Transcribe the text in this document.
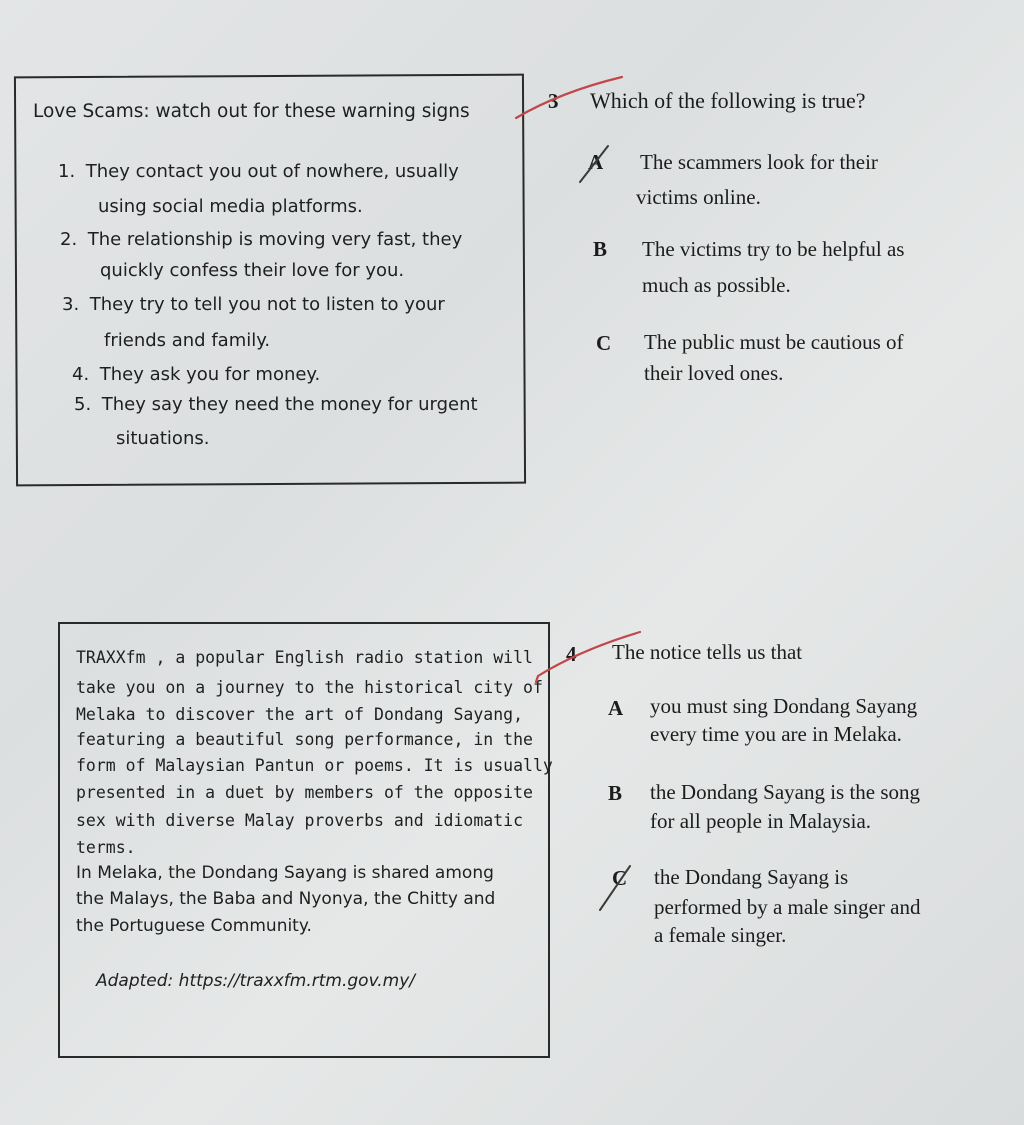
Love Scams: watch out for these warning signs
1. They contact you out of nowhere, usually
using social media platforms.
2. The relationship is moving very fast, they
quickly confess their love for you.
3. They try to tell you not to listen to your
friends and family.
4. They ask you for money.
5. They say they need the money for urgent
situations.
3 Which of the following is true?
A The scammers look for their
victims online.
B The victims try to be helpful as
much as possible.
C The public must be cautious of
their loved ones.
TRAXXfm , a popular English radio station will
take you on a journey to the historical city of
Melaka to discover the art of Dondang Sayang,
featuring a beautiful song performance, in the
form of Malaysian Pantun or poems. It is usually
presented in a duet by members of the opposite
sex with diverse Malay proverbs and idiomatic
terms.
In Melaka, the Dondang Sayang is shared among
the Malays, the Baba and Nyonya, the Chitty and
the Portuguese Community.
Adapted: https://traxxfm.rtm.gov.my/
4 The notice tells us that
A you must sing Dondang Sayang
every time you are in Melaka.
B the Dondang Sayang is the song
for all people in Malaysia.
C the Dondang Sayang is
performed by a male singer and
a female singer.
